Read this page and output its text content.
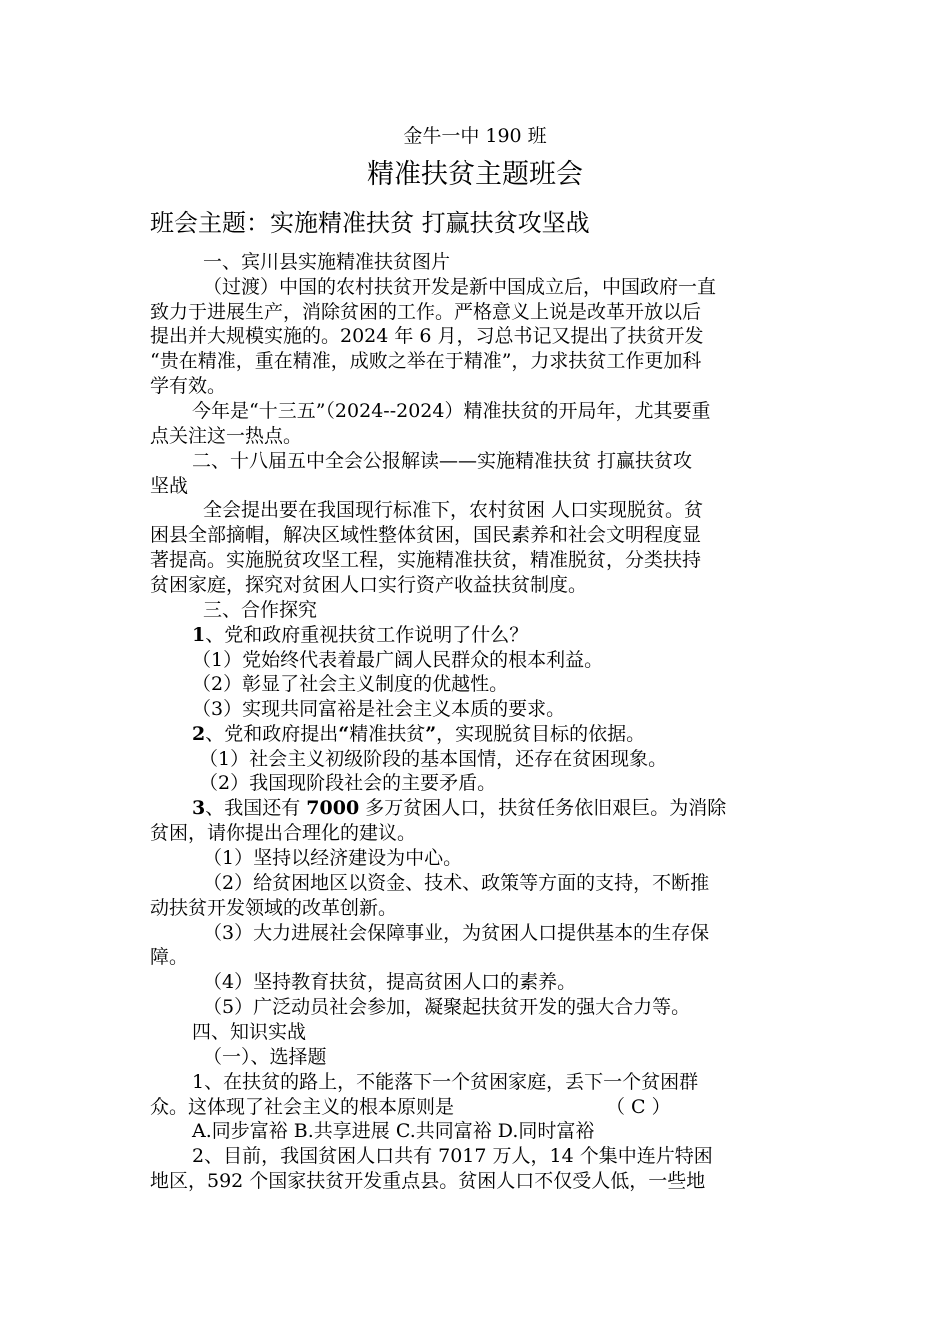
金牛一中 190 班
精准扶贫主题班会
班会主题：实施精准扶贫 打赢扶贫攻坚战
一、宾川县实施精准扶贫图片
（过渡）中国的农村扶贫开发是新中国成立后，中国政府一直
致力于进展生产，消除贫困的工作。严格意义上说是改革开放以后
提出并大规模实施的。2024 年 6 月，习总书记又提出了扶贫开发
“贵在精准，重在精准，成败之举在于精准”，力求扶贫工作更加科
学有效。
今年是“十三五”（2024--2024）精准扶贫的开局年，尤其要重
点关注这一热点。
二、十八届五中全会公报解读——实施精准扶贫 打赢扶贫攻
坚战
全会提出要在我国现行标准下，农村贫困 人口实现脱贫。贫
困县全部摘帽，解决区域性整体贫困，国民素养和社会文明程度显
著提高。实施脱贫攻坚工程，实施精准扶贫，精准脱贫，分类扶持
贫困家庭，探究对贫困人口实行资产收益扶贫制度。
三、合作探究
1、党和政府重视扶贫工作说明了什么？
（1）党始终代表着最广阔人民群众的根本利益。
（2）彰显了社会主义制度的优越性。
（3）实现共同富裕是社会主义本质的要求。
2、党和政府提出“精准扶贫”，实现脱贫目标的依据。
（1）社会主义初级阶段的基本国情，还存在贫困现象。
（2）我国现阶段社会的主要矛盾。
3、我国还有 7000 多万贫困人口，扶贫任务依旧艰巨。为消除
贫困，请你提出合理化的建议。
（1）坚持以经济建设为中心。
（2）给贫困地区以资金、技术、政策等方面的支持，不断推
动扶贫开发领域的改革创新。
（3）大力进展社会保障事业，为贫困人口提供基本的生存保
障。
（4）坚持教育扶贫，提高贫困人口的素养。
（5）广泛动员社会参加，凝聚起扶贫开发的强大合力等。
四、知识实战
（一）、选择题
1、在扶贫的路上，不能落下一个贫困家庭，丢下一个贫困群
众。这体现了社会主义的根本原则是	（ C ）
A.同步富裕 B.共享进展 C.共同富裕 D.同时富裕
2、目前，我国贫困人口共有 7017 万人，14 个集中连片特困
地区，592 个国家扶贫开发重点县。贫困人口不仅受人低，一些地
